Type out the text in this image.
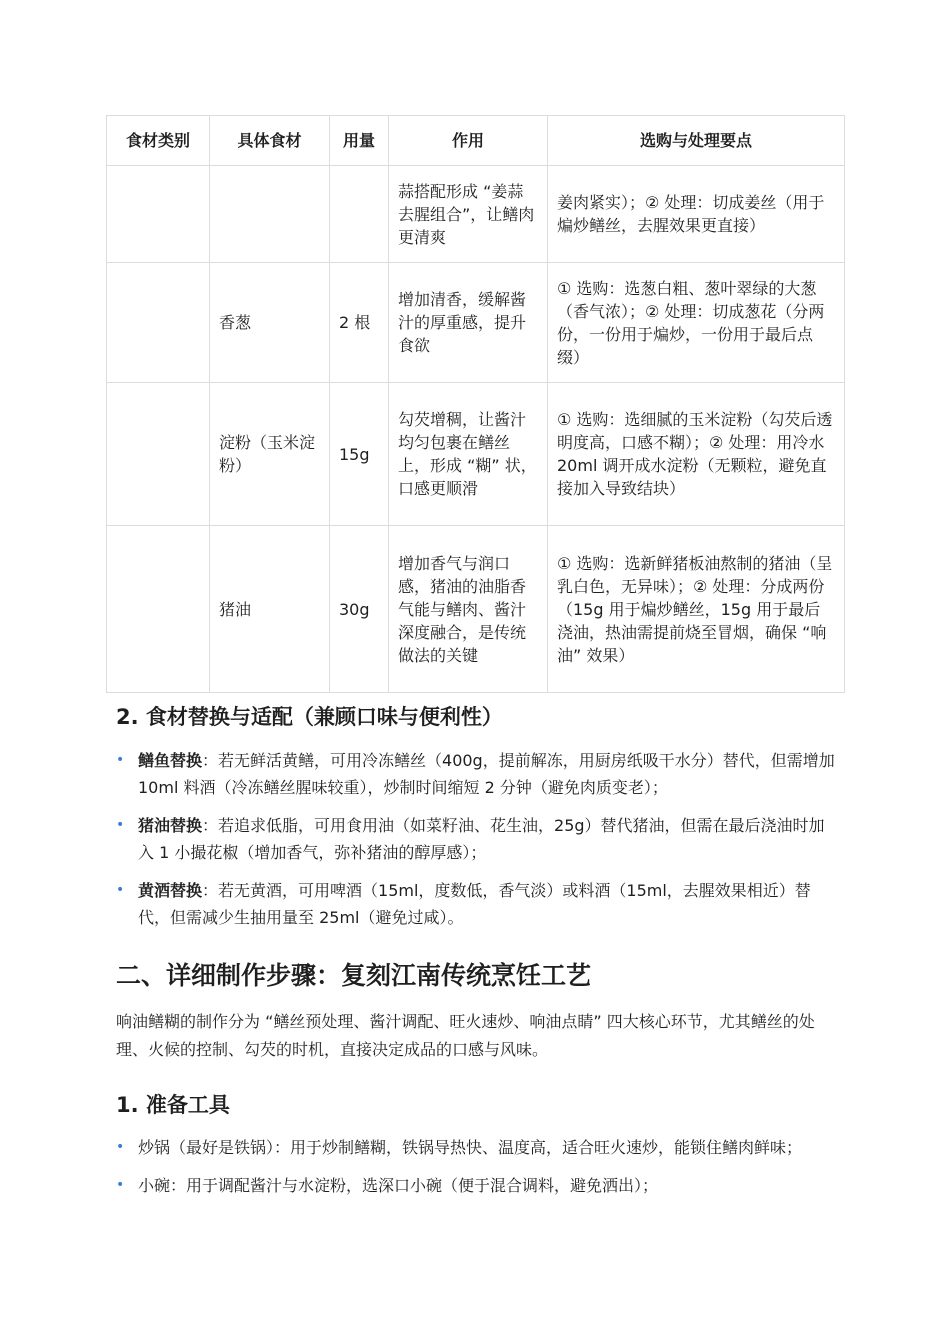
食材类别	具体食材	用量	作用	选购与处理要点
			蒜搭配形成 “姜蒜去腥组合”，让鳝肉更清爽	姜肉紧实）；② 处理：切成姜丝（用于煸炒鳝丝，去腥效果更直接）
	香葱	2 根	增加清香，缓解酱汁的厚重感，提升食欲	① 选购：选葱白粗、葱叶翠绿的大葱（香气浓）；② 处理：切成葱花（分两份，一份用于煸炒，一份用于最后点缀）
	淀粉（玉米淀粉）	15g	勾芡增稠，让酱汁均匀包裹在鳝丝上，形成 “糊” 状，口感更顺滑	① 选购：选细腻的玉米淀粉（勾芡后透明度高，口感不糊）；② 处理：用冷水 20ml 调开成水淀粉（无颗粒，避免直接加入导致结块）
	猪油	30g	增加香气与润口感，猪油的油脂香气能与鳝肉、酱汁深度融合，是传统做法的关键	① 选购：选新鲜猪板油熬制的猪油（呈乳白色，无异味）；② 处理：分成两份（15g 用于煸炒鳝丝，15g 用于最后浇油，热油需提前烧至冒烟，确保 “响油” 效果）
2. 食材替换与适配（兼顾口味与便利性）
• 鳝鱼替换：若无鲜活黄鳝，可用冷冻鳝丝（400g，提前解冻，用厨房纸吸干水分）替代，但需增加 10ml 料酒（冷冻鳝丝腥味较重），炒制时间缩短 2 分钟（避免肉质变老）；
• 猪油替换：若追求低脂，可用食用油（如菜籽油、花生油，25g）替代猪油，但需在最后浇油时加入 1 小撮花椒（增加香气，弥补猪油的醇厚感）；
• 黄酒替换：若无黄酒，可用啤酒（15ml，度数低，香气淡）或料酒（15ml，去腥效果相近）替代，但需减少生抽用量至 25ml（避免过咸）。
二、详细制作步骤：复刻江南传统烹饪工艺

响油鳝糊的制作分为 “鳝丝预处理、酱汁调配、旺火速炒、响油点睛” 四大核心环节，尤其鳝丝的处理、火候的控制、勾芡的时机，直接决定成品的口感与风味。

1. 准备工具
• 炒锅（最好是铁锅）：用于炒制鳝糊，铁锅导热快、温度高，适合旺火速炒，能锁住鳝肉鲜味；
• 小碗：用于调配酱汁与水淀粉，选深口小碗（便于混合调料，避免洒出）；
